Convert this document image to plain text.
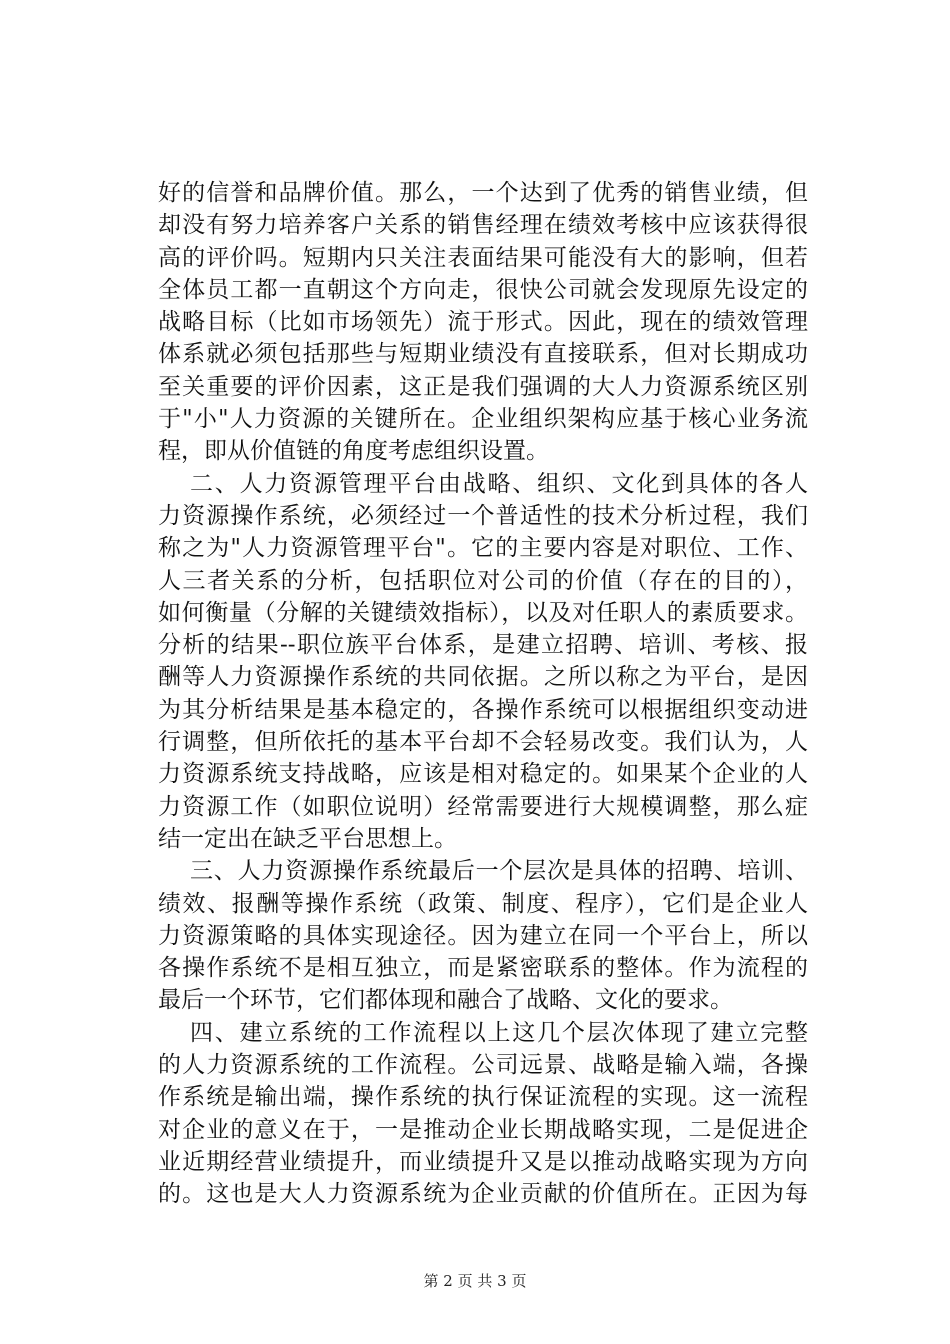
好的信誉和品牌价值。那么，一个达到了优秀的销售业绩，但
却没有努力培养客户关系的销售经理在绩效考核中应该获得很
高的评价吗。短期内只关注表面结果可能没有大的影响，但若
全体员工都一直朝这个方向走，很快公司就会发现原先设定的
战略目标（比如市场领先）流于形式。因此，现在的绩效管理
体系就必须包括那些与短期业绩没有直接联系，但对长期成功
至关重要的评价因素，这正是我们强调的大人力资源系统区别
于"小"人力资源的关键所在。企业组织架构应基于核心业务流
程，即从价值链的角度考虑组织设置。
二、人力资源管理平台由战略、组织、文化到具体的各人
力资源操作系统，必须经过一个普适性的技术分析过程，我们
称之为"人力资源管理平台"。它的主要内容是对职位、工作、
人三者关系的分析，包括职位对公司的价值（存在的目的），
如何衡量（分解的关键绩效指标），以及对任职人的素质要求。
分析的结果--职位族平台体系，是建立招聘、培训、考核、报
酬等人力资源操作系统的共同依据。之所以称之为平台，是因
为其分析结果是基本稳定的，各操作系统可以根据组织变动进
行调整，但所依托的基本平台却不会轻易改变。我们认为，人
力资源系统支持战略，应该是相对稳定的。如果某个企业的人
力资源工作（如职位说明）经常需要进行大规模调整，那么症
结一定出在缺乏平台思想上。
三、人力资源操作系统最后一个层次是具体的招聘、培训、
绩效、报酬等操作系统（政策、制度、程序），它们是企业人
力资源策略的具体实现途径。因为建立在同一个平台上，所以
各操作系统不是相互独立，而是紧密联系的整体。作为流程的
最后一个环节，它们都体现和融合了战略、文化的要求。
四、建立系统的工作流程以上这几个层次体现了建立完整
的人力资源系统的工作流程。公司远景、战略是输入端，各操
作系统是输出端，操作系统的执行保证流程的实现。这一流程
对企业的意义在于，一是推动企业长期战略实现，二是促进企
业近期经营业绩提升，而业绩提升又是以推动战略实现为方向
的。这也是大人力资源系统为企业贡献的价值所在。正因为每
第 2 页 共 3 页
